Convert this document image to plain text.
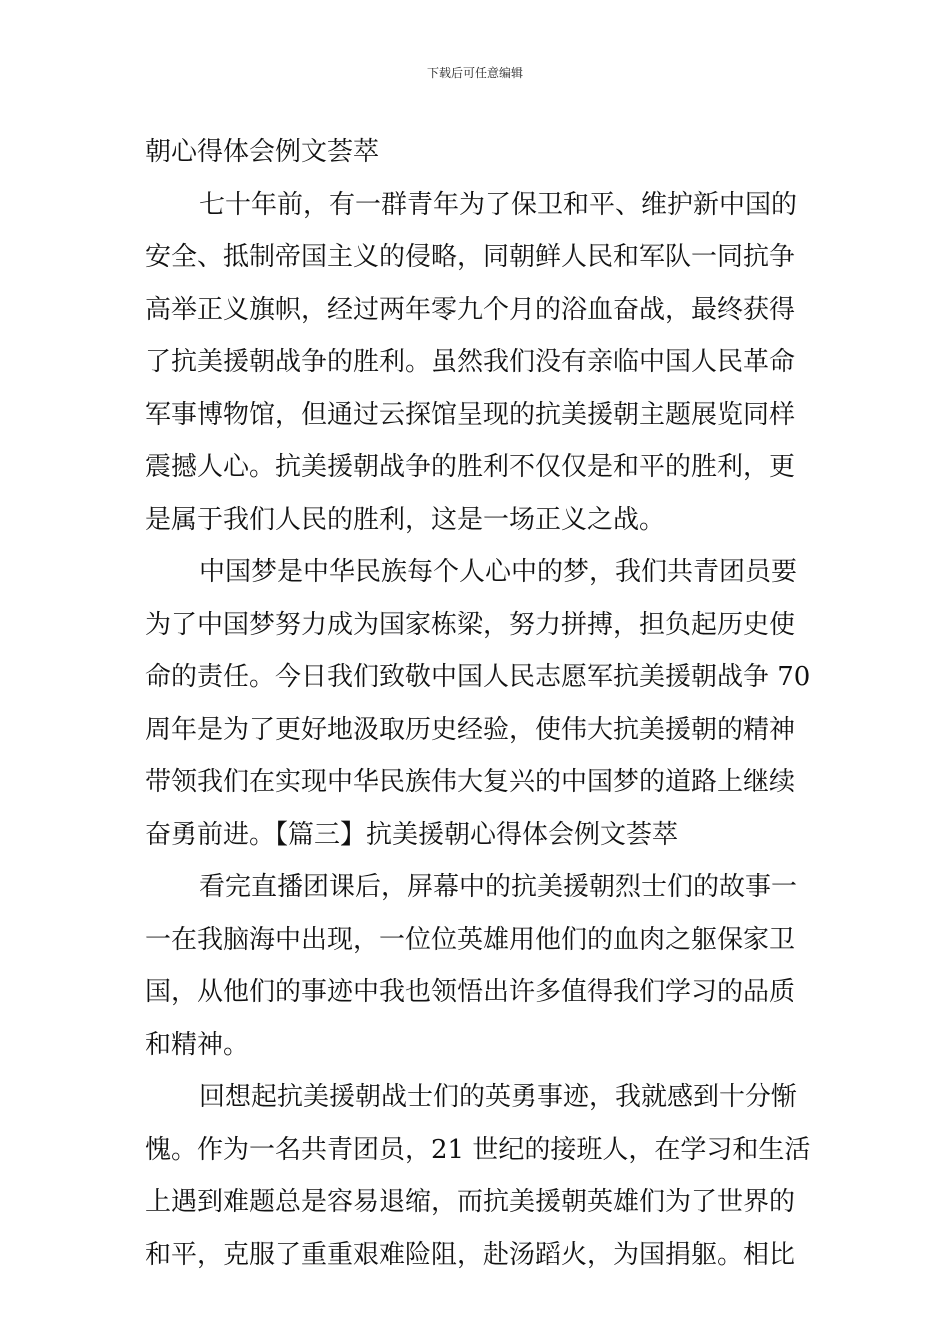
下载后可任意编辑
朝心得体会例文荟萃
七十年前，有一群青年为了保卫和平、维护新中国的
安全、抵制帝国主义的侵略，同朝鲜人民和军队一同抗争
高举正义旗帜，经过两年零九个月的浴血奋战，最终获得
了抗美援朝战争的胜利。虽然我们没有亲临中国人民革命
军事博物馆，但通过云探馆呈现的抗美援朝主题展览同样
震撼人心。抗美援朝战争的胜利不仅仅是和平的胜利，更
是属于我们人民的胜利，这是一场正义之战。
中国梦是中华民族每个人心中的梦，我们共青团员要
为了中国梦努力成为国家栋梁，努力拼搏，担负起历史使
命的责任。今日我们致敬中国人民志愿军抗美援朝战争 70
周年是为了更好地汲取历史经验，使伟大抗美援朝的精神
带领我们在实现中华民族伟大复兴的中国梦的道路上继续
奋勇前进。【篇三】抗美援朝心得体会例文荟萃
看完直播团课后，屏幕中的抗美援朝烈士们的故事一
一在我脑海中出现，一位位英雄用他们的血肉之躯保家卫
国，从他们的事迹中我也领悟出许多值得我们学习的品质
和精神。
回想起抗美援朝战士们的英勇事迹，我就感到十分惭
愧。作为一名共青团员，21 世纪的接班人，在学习和生活
上遇到难题总是容易退缩，而抗美援朝英雄们为了世界的
和平，克服了重重艰难险阻，赴汤蹈火，为国捐躯。相比
